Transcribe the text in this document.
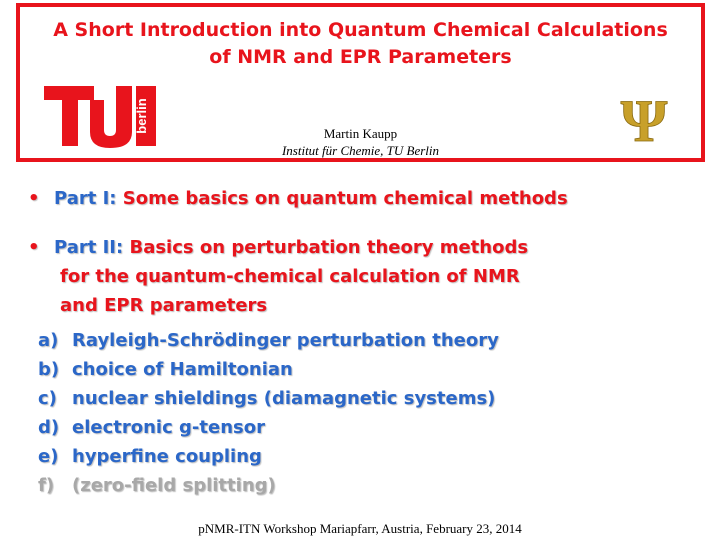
A Short Introduction into Quantum Chemical Calculations
of NMR and EPR Parameters
berlin	Ψ
Martin Kaupp
Institut für Chemie, TU Berlin
• Part I: Some basics on quantum chemical methods
• Part II: Basics on perturbation theory methods
for the quantum-chemical calculation of NMR
and EPR parameters
a) Rayleigh-Schrödinger perturbation theory
b) choice of Hamiltonian
c) nuclear shieldings (diamagnetic systems)
d) electronic g-tensor
e) hyperfine coupling
f) (zero-field splitting)
pNMR-ITN Workshop Mariapfarr, Austria, February 23, 2014
